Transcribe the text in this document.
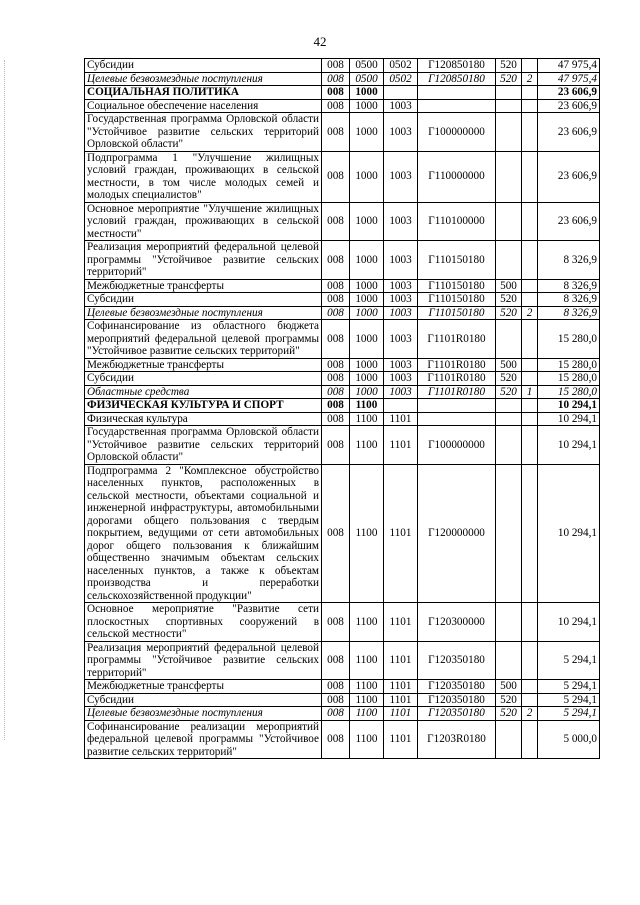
42
Субсидии	008	0500	0502	Г120850180	520		47 975,4
Целевые безвозмездные поступления	008	0500	0502	Г120850180	520	2	47 975,4
СОЦИАЛЬНАЯ ПОЛИТИКА	008	1000					23 606,9
Социальное обеспечение населения	008	1000	1003				23 606,9
Государственная программа Орловской области "Устойчивое развитие сельских территорий Орловской области"	008	1000	1003	Г100000000			23 606,9
Подпрограмма 1 "Улучшение жилищных условий граждан, проживающих в сельской местности, в том числе молодых семей и молодых специалистов"	008	1000	1003	Г110000000			23 606,9
Основное мероприятие "Улучшение жилищных условий граждан, проживающих в сельской местности"	008	1000	1003	Г110100000			23 606,9
Реализация мероприятий федеральной целевой программы "Устойчивое развитие сельских территорий"	008	1000	1003	Г110150180			8 326,9
Межбюджетные трансферты	008	1000	1003	Г110150180	500		8 326,9
Субсидии	008	1000	1003	Г110150180	520		8 326,9
Целевые безвозмездные поступления	008	1000	1003	Г110150180	520	2	8 326,9
Софинансирование из областного бюджета мероприятий федеральной целевой программы "Устойчивое развитие сельских территорий"	008	1000	1003	Г1101R0180			15 280,0
Межбюджетные трансферты	008	1000	1003	Г1101R0180	500		15 280,0
Субсидии	008	1000	1003	Г1101R0180	520		15 280,0
Областные средства	008	1000	1003	Г1101R0180	520	1	15 280,0
ФИЗИЧЕСКАЯ КУЛЬТУРА И СПОРТ	008	1100					10 294,1
Физическая культура	008	1100	1101				10 294,1
Государственная программа Орловской области "Устойчивое развитие сельских территорий Орловской области"	008	1100	1101	Г100000000			10 294,1
Подпрограмма 2 "Комплексное обустройство населенных пунктов, расположенных в сельской местности, объектами социальной и инженерной инфраструктуры, автомобильными дорогами общего пользования с твердым покрытием, ведущими от сети автомобильных дорог общего пользования к ближайшим общественно значимым объектам сельских населенных пунктов, а также к объектам производства и переработки сельскохозяйственной продукции"	008	1100	1101	Г120000000			10 294,1
Основное мероприятие "Развитие сети плоскостных спортивных сооружений в сельской местности"	008	1100	1101	Г120300000			10 294,1
Реализация мероприятий федеральной целевой программы "Устойчивое развитие сельских территорий"	008	1100	1101	Г120350180			5 294,1
Межбюджетные трансферты	008	1100	1101	Г120350180	500		5 294,1
Субсидии	008	1100	1101	Г120350180	520		5 294,1
Целевые безвозмездные поступления	008	1100	1101	Г120350180	520	2	5 294,1
Софинансирование реализации мероприятий федеральной целевой программы "Устойчивое развитие сельских территорий"	008	1100	1101	Г1203R0180			5 000,0
